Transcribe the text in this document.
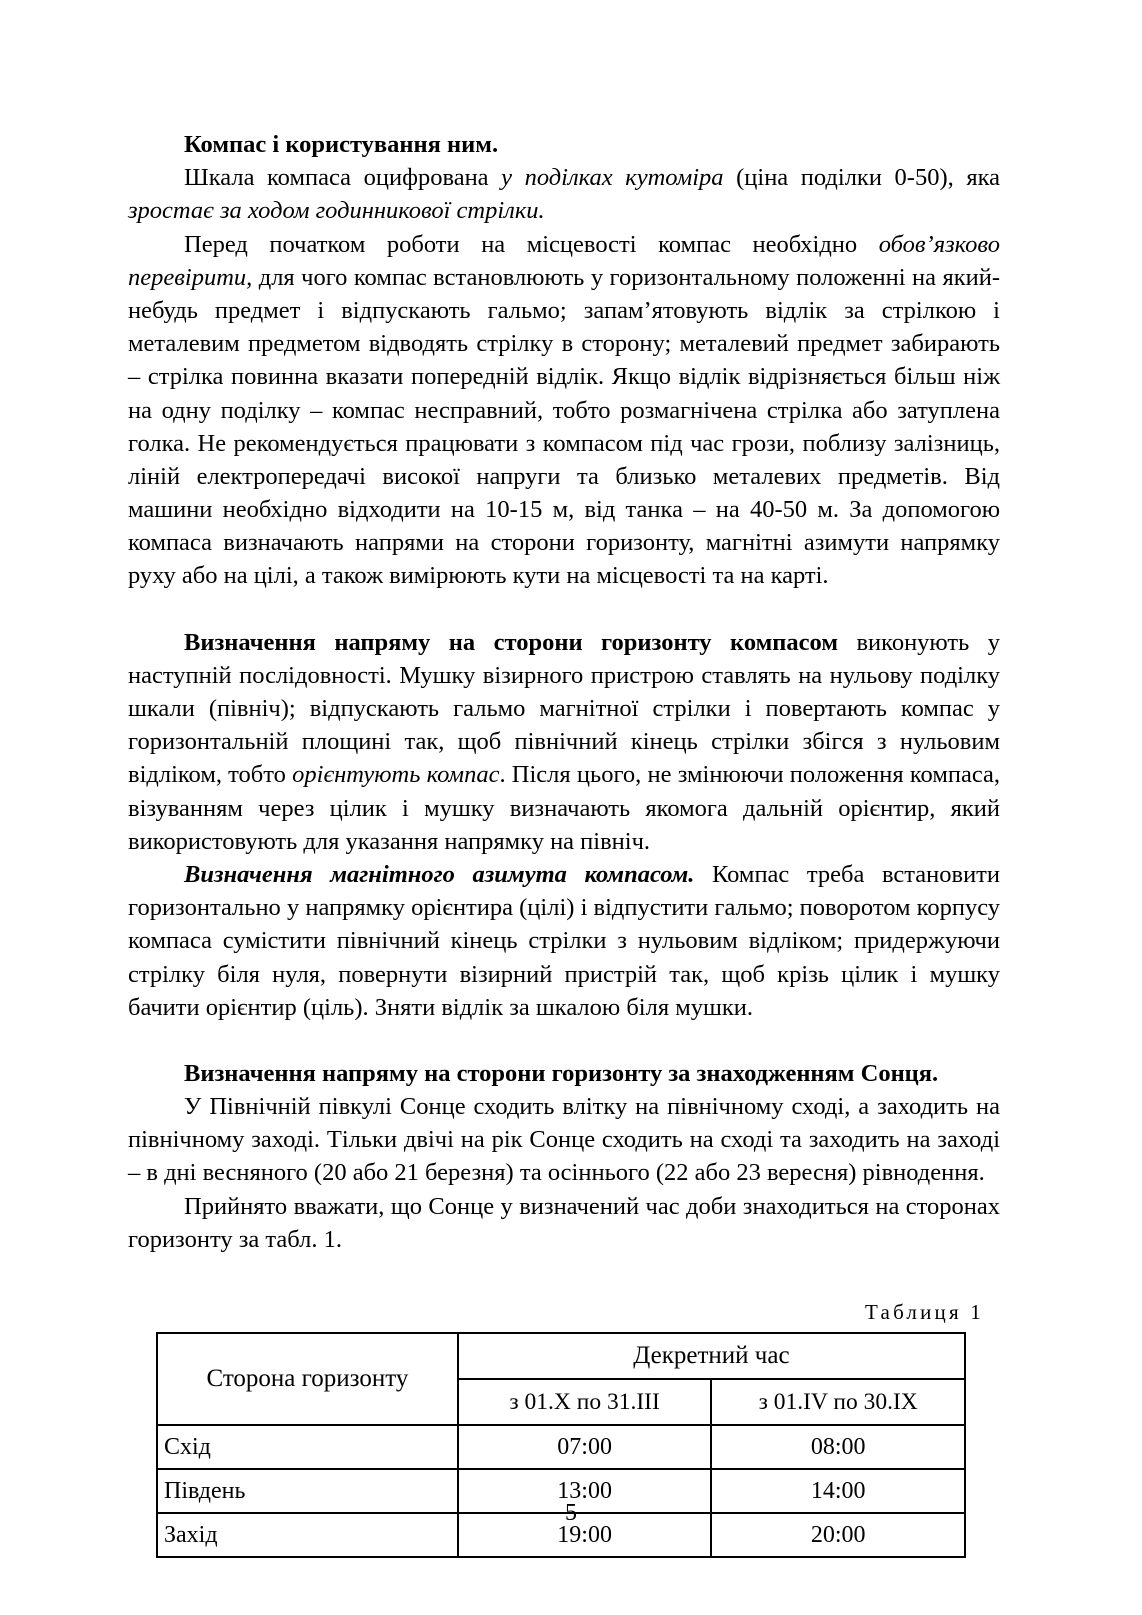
Компас і користування ним.

Шкала компаса оцифрована у поділках кутоміра (ціна поділки 0-50), яка зростає за ходом годинникової стрілки.

Перед початком роботи на місцевості компас необхідно обов’язково перевірити, для чого компас встановлюють у горизонтальному положенні на який-небудь предмет і відпускають гальмо; запам’ятовують відлік за стрілкою і металевим предметом відводять стрілку в сторону; металевий предмет забирають – стрілка повинна вказати попередній відлік. Якщо відлік відрізняється більш ніж на одну поділку – компас несправний, тобто розмагнічена стрілка або затуплена голка. Не рекомендується працювати з компасом під час грози, поблизу залізниць, ліній електропередачі високої напруги та близько металевих предметів. Від машини необхідно відходити на 10-15 м, від танка – на 40-50 м. За допомогою компаса визначають напрями на сторони горизонту, магнітні азимути напрямку руху або на цілі, а також вимірюють кути на місцевості та на карті.

Визначення напряму на сторони горизонту компасом виконують у наступній послідовності. Мушку візирного пристрою ставлять на нульову поділку шкали (північ); відпускають гальмо магнітної стрілки і повертають компас у горизонтальній площині так, щоб північний кінець стрілки збігся з нульовим відліком, тобто орієнтують компас. Після цього, не змінюючи положення компаса, візуванням через цілик і мушку визначають якомога дальній орієнтир, який використовують для указання напрямку на північ.

Визначення магнітного азимута компасом. Компас треба встановити горизонтально у напрямку орієнтира (цілі) і відпустити гальмо; поворотом корпусу компаса сумістити північний кінець стрілки з нульовим відліком; придержуючи стрілку біля нуля, повернути візирний пристрій так, щоб крізь цілик і мушку бачити орієнтир (ціль). Зняти відлік за шкалою біля мушки.

Визначення напряму на сторони горизонту за знаходженням Сонця.

У Північній півкулі Сонце сходить влітку на північному сході, а заходить на північному заході. Тільки двічі на рік Сонце сходить на сході та заходить на заході – в дні весняного (20 або 21 березня) та осіннього (22 або 23 вересня) рівнодення.

Прийнято вважати, що Сонце у визначений час доби знаходиться на сторонах горизонту за табл. 1.

Таблиця 1
Сторона горизонту	Декретний час	
	з 01.X по 31.III	з 01.IV по 30.IX
Схід	07:00	08:00
Південь	13:00	14:00
Захід	19:00	20:00
5
